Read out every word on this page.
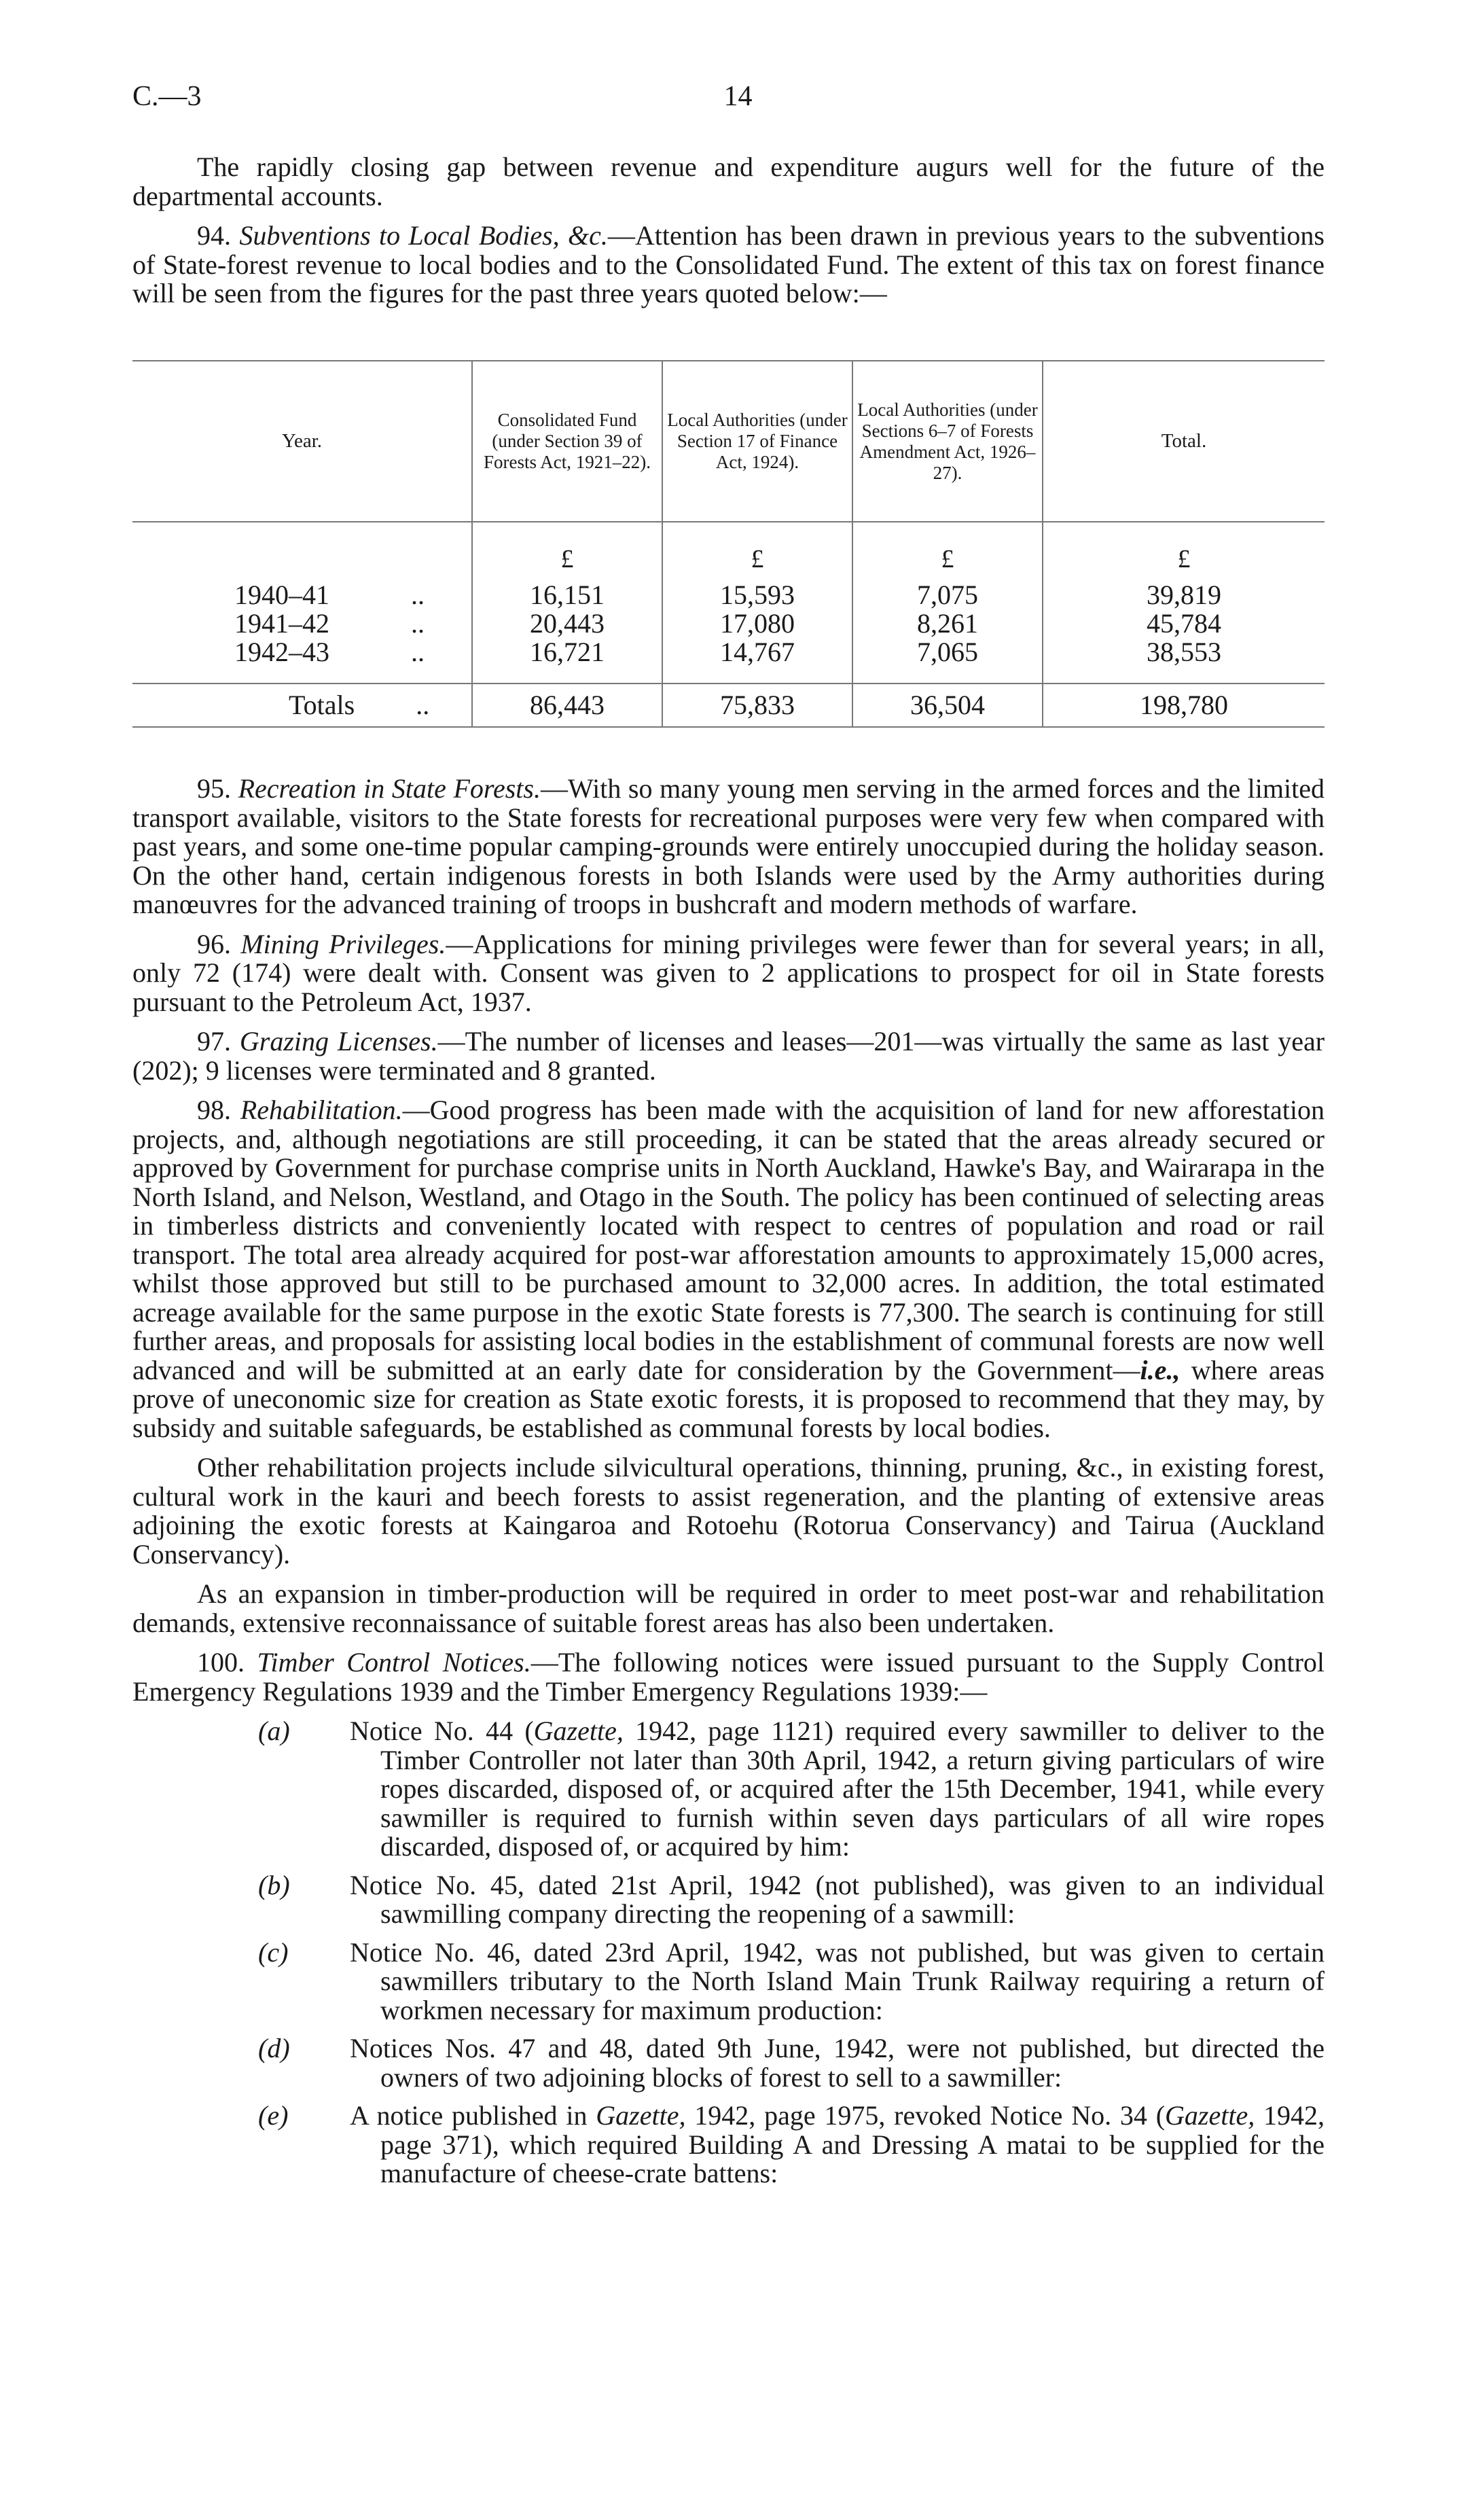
C.—3	14

The rapidly closing gap between revenue and expenditure augurs well for the future of the departmental accounts.

94. Subventions to Local Bodies, &c.—Attention has been drawn in previous years to the subventions of State-forest revenue to local bodies and to the Consolidated Fund. The extent of this tax on forest finance will be seen from the figures for the past three years quoted below:—

Year.	Consolidated Fund (under Section 39 of Forests Act, 1921–22).	Local Authorities (under Section 17 of Finance Act, 1924).	Local Authorities (under Sections 6–7 of Forests Amendment Act, 1926–27).	Total.
	£	£	£	£
1940–41 ..	16,151	15,593	7,075	39,819
1941–42 ..	20,443	17,080	8,261	45,784
1942–43 ..	16,721	14,767	7,065	38,553

Totals ..	86,443	75,833	36,504	198,780

95. Recreation in State Forests.—With so many young men serving in the armed forces and the limited transport available, visitors to the State forests for recreational purposes were very few when compared with past years, and some one-time popular camping-grounds were entirely unoccupied during the holiday season. On the other hand, certain indigenous forests in both Islands were used by the Army authorities during manœuvres for the advanced training of troops in bushcraft and modern methods of warfare.

96. Mining Privileges.—Applications for mining privileges were fewer than for several years; in all, only 72 (174) were dealt with. Consent was given to 2 applications to prospect for oil in State forests pursuant to the Petroleum Act, 1937.

97. Grazing Licenses.—The number of licenses and leases—201—was virtually the same as last year (202); 9 licenses were terminated and 8 granted.

98. Rehabilitation.—Good progress has been made with the acquisition of land for new afforestation projects, and, although negotiations are still proceeding, it can be stated that the areas already secured or approved by Government for purchase comprise units in North Auckland, Hawke's Bay, and Wairarapa in the North Island, and Nelson, Westland, and Otago in the South. The policy has been continued of selecting areas in timberless districts and conveniently located with respect to centres of population and road or rail transport. The total area already acquired for post-war afforestation amounts to approximately 15,000 acres, whilst those approved but still to be purchased amount to 32,000 acres. In addition, the total estimated acreage available for the same purpose in the exotic State forests is 77,300. The search is continuing for still further areas, and proposals for assisting local bodies in the establishment of communal forests are now well advanced and will be submitted at an early date for consideration by the Government—i.e., where areas prove of uneconomic size for creation as State exotic forests, it is proposed to recommend that they may, by subsidy and suitable safeguards, be established as communal forests by local bodies.

Other rehabilitation projects include silvicultural operations, thinning, pruning, &c., in existing forest, cultural work in the kauri and beech forests to assist regeneration, and the planting of extensive areas adjoining the exotic forests at Kaingaroa and Rotoehu (Rotorua Conservancy) and Tairua (Auckland Conservancy).

As an expansion in timber-production will be required in order to meet post-war and rehabilitation demands, extensive reconnaissance of suitable forest areas has also been undertaken.

100. Timber Control Notices.—The following notices were issued pursuant to the Supply Control Emergency Regulations 1939 and the Timber Emergency Regulations 1939:—

(a)	Notice No. 44 (Gazette, 1942, page 1121) required every sawmiller to deliver to the Timber Controller not later than 30th April, 1942, a return giving particulars of wire ropes discarded, disposed of, or acquired after the 15th December, 1941, while every sawmiller is required to furnish within seven days particulars of all wire ropes discarded, disposed of, or acquired by him:
(b)	Notice No. 45, dated 21st April, 1942 (not published), was given to an individual sawmilling company directing the reopening of a sawmill:
(c)	Notice No. 46, dated 23rd April, 1942, was not published, but was given to certain sawmillers tributary to the North Island Main Trunk Railway requiring a return of workmen necessary for maximum production:
(d)	Notices Nos. 47 and 48, dated 9th June, 1942, were not published, but directed the owners of two adjoining blocks of forest to sell to a sawmiller:
(e)	A notice published in Gazette, 1942, page 1975, revoked Notice No. 34 (Gazette, 1942, page 371), which required Building A and Dressing A matai to be supplied for the manufacture of cheese-crate battens:
